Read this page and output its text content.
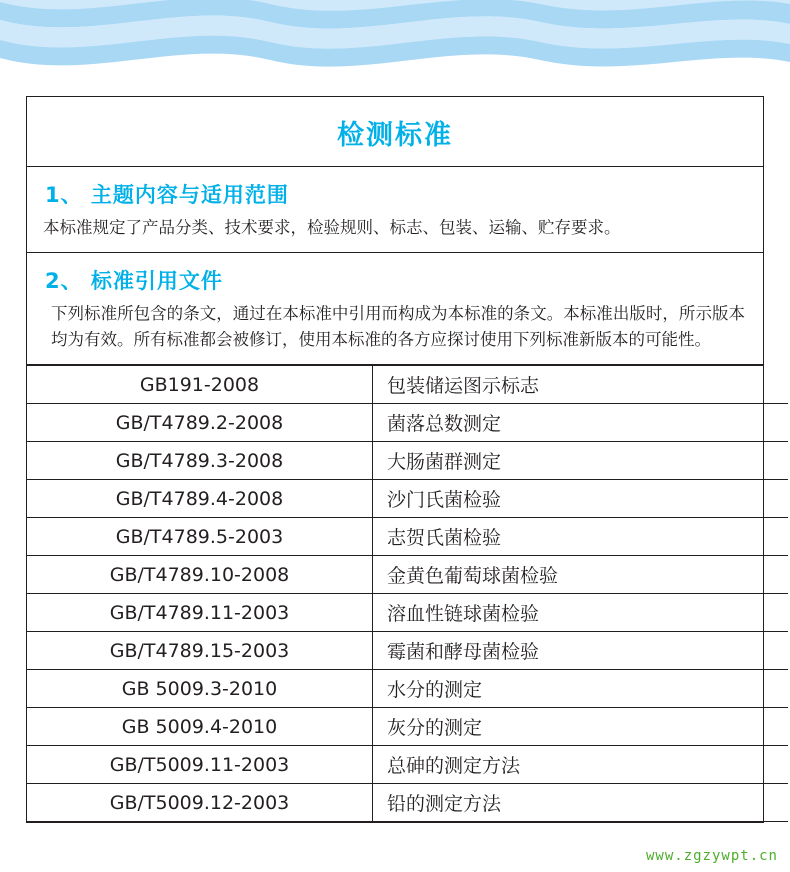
检测标准
1、 主题内容与适用范围
本标准规定了产品分类、技术要求，检验规则、标志、包装、运输、贮存要求。
2、 标准引用文件
下列标准所包含的条文，通过在本标准中引用而构成为本标准的条文。本标准出版时，所示版本均为有效。所有标准都会被修订，使用本标准的各方应探讨使用下列标准新版本的可能性。
GB191-2008	包装储运图示标志
GB/T4789.2-2008	菌落总数测定
GB/T4789.3-2008	大肠菌群测定
GB/T4789.4-2008	沙门氏菌检验
GB/T4789.5-2003	志贺氏菌检验
GB/T4789.10-2008	金黄色葡萄球菌检验
GB/T4789.11-2003	溶血性链球菌检验
GB/T4789.15-2003	霉菌和酵母菌检验
GB 5009.3-2010	水分的测定
GB 5009.4-2010	灰分的测定
GB/T5009.11-2003	总砷的测定方法
GB/T5009.12-2003	铅的测定方法
www.zgzywpt.cn
